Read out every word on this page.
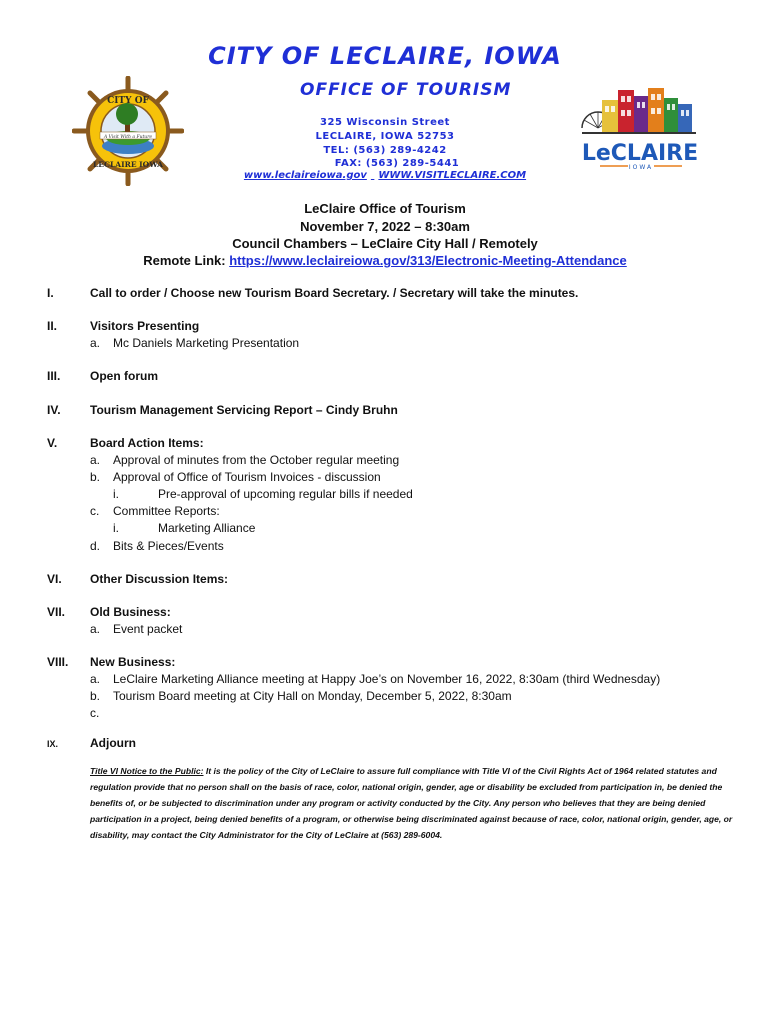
CITY OF LECLAIRE, IOWA
OFFICE OF TOURISM
325 Wisconsin Street
LECLAIRE, IOWA 52753
TEL: (563) 289-4242
FAX: (563) 289-5441
www.leclaireiowa.gov WWW.VISITLECLAIRE.COM
A Visit With a Future
CITY OF
LECLAIRE IOWA	LeCLAIRE
IOWA
LeClaire Office of Tourism
November 7, 2022 – 8:30am
Council Chambers – LeClaire City Hall / Remotely
Remote Link: https://www.leclaireiowa.gov/313/Electronic-Meeting-Attendance
I.	Call to order / Choose new Tourism Board Secretary. / Secretary will take the minutes.
II.	Visitors Presenting
a. Mc Daniels Marketing Presentation
III. Open forum
IV. Tourism Management Servicing Report – Cindy Bruhn
V.	Board Action Items:
a. Approval of minutes from the October regular meeting
b. Approval of Office of Tourism Invoices - discussion
i.	Pre-approval of upcoming regular bills if needed
c. Committee Reports:
i.	Marketing Alliance
d. Bits & Pieces/Events
VI. Other Discussion Items:
VII. Old Business:
a. Event packet
VIII. New Business:
a. LeClaire Marketing Alliance meeting at Happy Joe’s on November 16, 2022, 8:30am (third Wednesday)
b. Tourism Board meeting at City Hall on Monday, December 5, 2022, 8:30am
c.
IX.	Adjourn
Title VI Notice to the Public: It is the policy of the City of LeClaire to assure full compliance with Title VI of the Civil Rights Act of 1964 related statutes and regulation provide that no person shall on the basis of race, color, national origin, gender, age or disability be excluded from participation in, be denied the benefits of, or be subjected to discrimination under any program or activity conducted by the City. Any person who believes that they are being denied participation in a project, being denied benefits of a program, or otherwise being discriminated against because of race, color, national origin, gender, age, or disability, may contact the City Administrator for the City of LeClaire at (563) 289-6004.
